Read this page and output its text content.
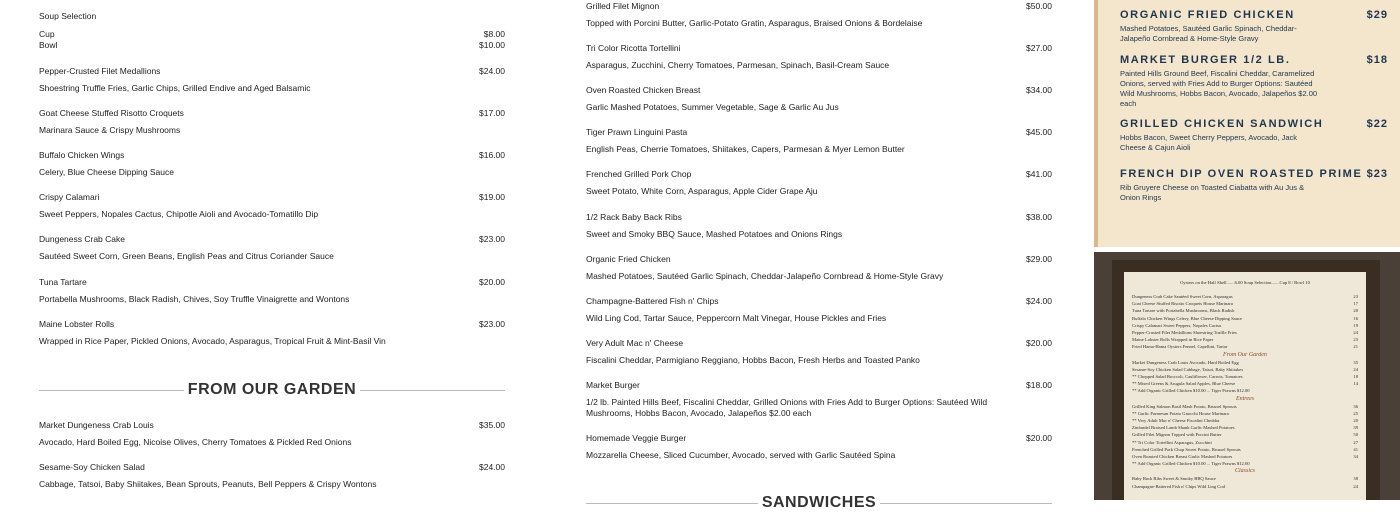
Soup Selection
Cup	$8.00
Bowl	$10.00
Pepper-Crusted Filet Medallions	$24.00
Shoestring Truffle Fries, Garlic Chips, Grilled Endive and Aged Balsamic
Goat Cheese Stuffed Risotto Croquets	$17.00
Marinara Sauce & Crispy Mushrooms
Buffalo Chicken Wings	$16.00
Celery, Blue Cheese Dipping Sauce
Crispy Calamari	$19.00
Sweet Peppers, Nopales Cactus, Chipotle Aioli and Avocado-Tomatillo Dip
Dungeness Crab Cake	$23.00
Sautéed Sweet Corn, Green Beans, English Peas and Citrus Coriander Sauce
Tuna Tartare	$20.00
Portabella Mushrooms, Black Radish, Chives, Soy Truffle Vinaigrette and Wontons
Maine Lobster Rolls	$23.00
Wrapped in Rice Paper, Pickled Onions, Avocado, Asparagus, Tropical Fruit & Mint-Basil Vin
FROM OUR GARDEN
Market Dungeness Crab Louis	$35.00
Avocado, Hard Boiled Egg, Nicoise Olives, Cherry Tomatoes & Pickled Red Onions
Sesame-Soy Chicken Salad	$24.00
Cabbage, Tatsoi, Baby Shiitakes, Bean Sprouts, Peanuts, Bell Peppers & Crispy Wontons
Grilled Filet Mignon	$50.00
Topped with Porcini Butter, Garlic-Potato Gratin, Asparagus, Braised Onions & Bordelaise
Tri Color Ricotta Tortellini	$27.00
Asparagus, Zucchini, Cherry Tomatoes, Parmesan, Spinach, Basil-Cream Sauce
Oven Roasted Chicken Breast	$34.00
Garlic Mashed Potatoes, Summer Vegetable, Sage & Garlic Au Jus
Tiger Prawn Linguini Pasta	$45.00
English Peas, Cherrie Tomatoes, Shiitakes, Capers, Parmesan & Myer Lemon Butter
Frenched Grilled Pork Chop	$41.00
Sweet Potato, White Corn, Asparagus, Apple Cider Grape Aju
1/2 Rack Baby Back Ribs	$38.00
Sweet and Smoky BBQ Sauce, Mashed Potatoes and Onions Rings
Organic Fried Chicken	$29.00
Mashed Potatoes, Sautéed Garlic Spinach, Cheddar-Jalapeño Cornbread & Home-Style Gravy
Champagne-Battered Fish n' Chips	$24.00
Wild Ling Cod, Tartar Sauce, Peppercorn Malt Vinegar, House Pickles and Fries
Very Adult Mac n' Cheese	$20.00
Fiscalini Cheddar, Parmigiano Reggiano, Hobbs Bacon, Fresh Herbs and Toasted Panko
Market Burger	$18.00
1/2 lb. Painted Hills Beef, Fiscalini Cheddar, Grilled Onions with Fries Add to Burger Options: Sautéed Wild Mushrooms, Hobbs Bacon, Avocado, Jalapeños $2.00 each
Homemade Veggie Burger	$20.00
Mozzarella Cheese, Sliced Cucumber, Avocado, served with Garlic Sautéed Spina
SANDWICHES
ORGANIC FRIED CHICKEN	$29
Mashed Potatoes, Sautéed Garlic Spinach, Cheddar-Jalapeño Cornbread & Home-Style Gravy
MARKET BURGER 1/2 LB.	$18
Painted Hills Ground Beef, Fiscalini Cheddar, Caramelized Onions, served with Fries Add to Burger Options: Sautéed Wild Mushrooms, Hobbs Bacon, Avocado, Jalapeños $2.00 each
GRILLED CHICKEN SANDWICH	$22
Hobbs Bacon, Sweet Cherry Peppers, Avocado, Jack Cheese & Cajun Aioli
FRENCH DIP OVEN ROASTED PRIME $23
Rib Gruyere Cheese on Toasted Ciabatta with Au Jus & Onion Rings
Oysters on the Half Shell.......6.00 Soup Selection.......Cup 8 / Bowl 10
Dungeness Crab Cake Sautéed Sweet Corn, Asparagus	23
Goat Cheese Stuffed Risotto Croquets House Marinara	17
Tuna Tartare with Portabella Mushrooms, Black Radish	20
Buffalo Chicken Wings Celery, Blue Cheese Dipping Sauce	16
Crispy Calamari Sweet Peppers, Nopales Cactus	19
Pepper-Crusted Filet Medallions Shoestring Truffle Fries	24
Maine Lobster Rolls Wrapped in Rice Paper	23
Fried Hama-Hama Oysters Fennel, Capellini, Tartar	21
From Our Garden
Market Dungeness Crab Louis Avocado, Hard Boiled Egg	35
Sesame-Soy Chicken Salad Cabbage, Tatsoi, Baby Shiitakes	24
** Chopped Salad Broccoli, Cauliflower, Carrots, Tomatoes	18
** Mixed Greens & Arugula Salad Apples, Blue Cheese	14
** Add Organic Grilled Chicken $10.00 ... Tiger Prawns $12.00
Entrees
Grilled King Salmon Basil Mash Potato, Brussel Sprouts	36
** Garlic Parmesan Potato Gnocchi House Marinara	25
** Very Adult Mac n' Cheese Fiscalini Cheddar	20
Zinfandel Braised Lamb Shank Garlic Mashed Potatoes	39
Grilled Filet Mignon Topped with Porcini Butter	50
** Tri Color Tortellini Asparagus, Zucchini	27
Frenched Grilled Pork Chop Sweet Potato, Brussel Sprouts	41
Oven Roasted Chicken Breast Garlic Mashed Potatoes	34
** Add Organic Grilled Chicken $10.00 ... Tiger Prawns $12.00
Classics
Baby Back Ribs Sweet & Smoky BBQ Sauce	38
Champagne-Battered Fish n' Chips Wild Ling Cod	24
